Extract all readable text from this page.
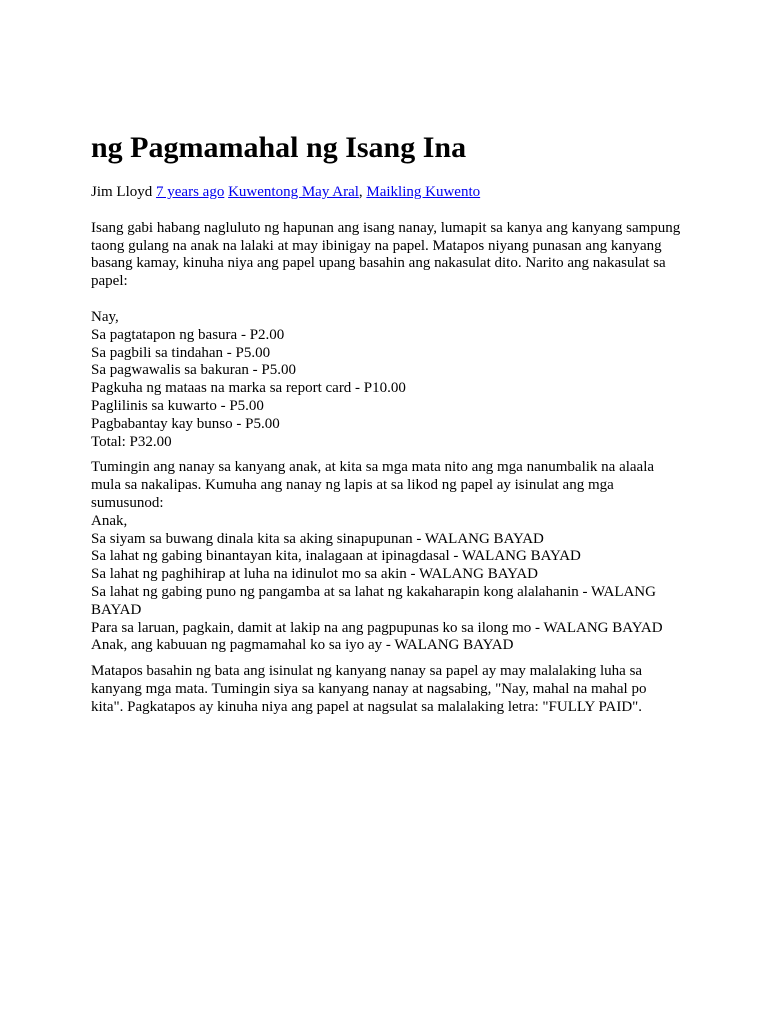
ng Pagmamahal ng Isang Ina
Jim Lloyd 7 years ago Kuwentong May Aral, Maikling Kuwento

Isang gabi habang nagluluto ng hapunan ang isang nanay, lumapit sa kanya ang kanyang sampung taong gulang na anak na lalaki at may ibinigay na papel. Matapos niyang punasan ang kanyang basang kamay, kinuha niya ang papel upang basahin ang nakasulat dito. Narito ang nakasulat sa papel:

Nay,
Sa pagtatapon ng basura - P2.00
Sa pagbili sa tindahan - P5.00
Sa pagwawalis sa bakuran - P5.00
Pagkuha ng mataas na marka sa report card - P10.00
Paglilinis sa kuwarto - P5.00
Pagbabantay kay bunso - P5.00
Total: P32.00

Tumingin ang nanay sa kanyang anak, at kita sa mga mata nito ang mga nanumbalik na alaala mula sa nakalipas. Kumuha ang nanay ng lapis at sa likod ng papel ay isinulat ang mga sumusunod:

Anak,
Sa siyam sa buwang dinala kita sa aking sinapupunan - WALANG BAYAD
Sa lahat ng gabing binantayan kita, inalagaan at ipinagdasal - WALANG BAYAD
Sa lahat ng paghihirap at luha na idinulot mo sa akin - WALANG BAYAD
Sa lahat ng gabing puno ng pangamba at sa lahat ng kakaharapin kong alalahanin - WALANG BAYAD
Para sa laruan, pagkain, damit at lakip na ang pagpupunas ko sa ilong mo - WALANG BAYAD
Anak, ang kabuuan ng pagmamahal ko sa iyo ay - WALANG BAYAD

Matapos basahin ng bata ang isinulat ng kanyang nanay sa papel ay may malalaking luha sa kanyang mga mata. Tumingin siya sa kanyang nanay at nagsabing, "Nay, mahal na mahal po kita". Pagkatapos ay kinuha niya ang papel at nagsulat sa malalaking letra: "FULLY PAID".
